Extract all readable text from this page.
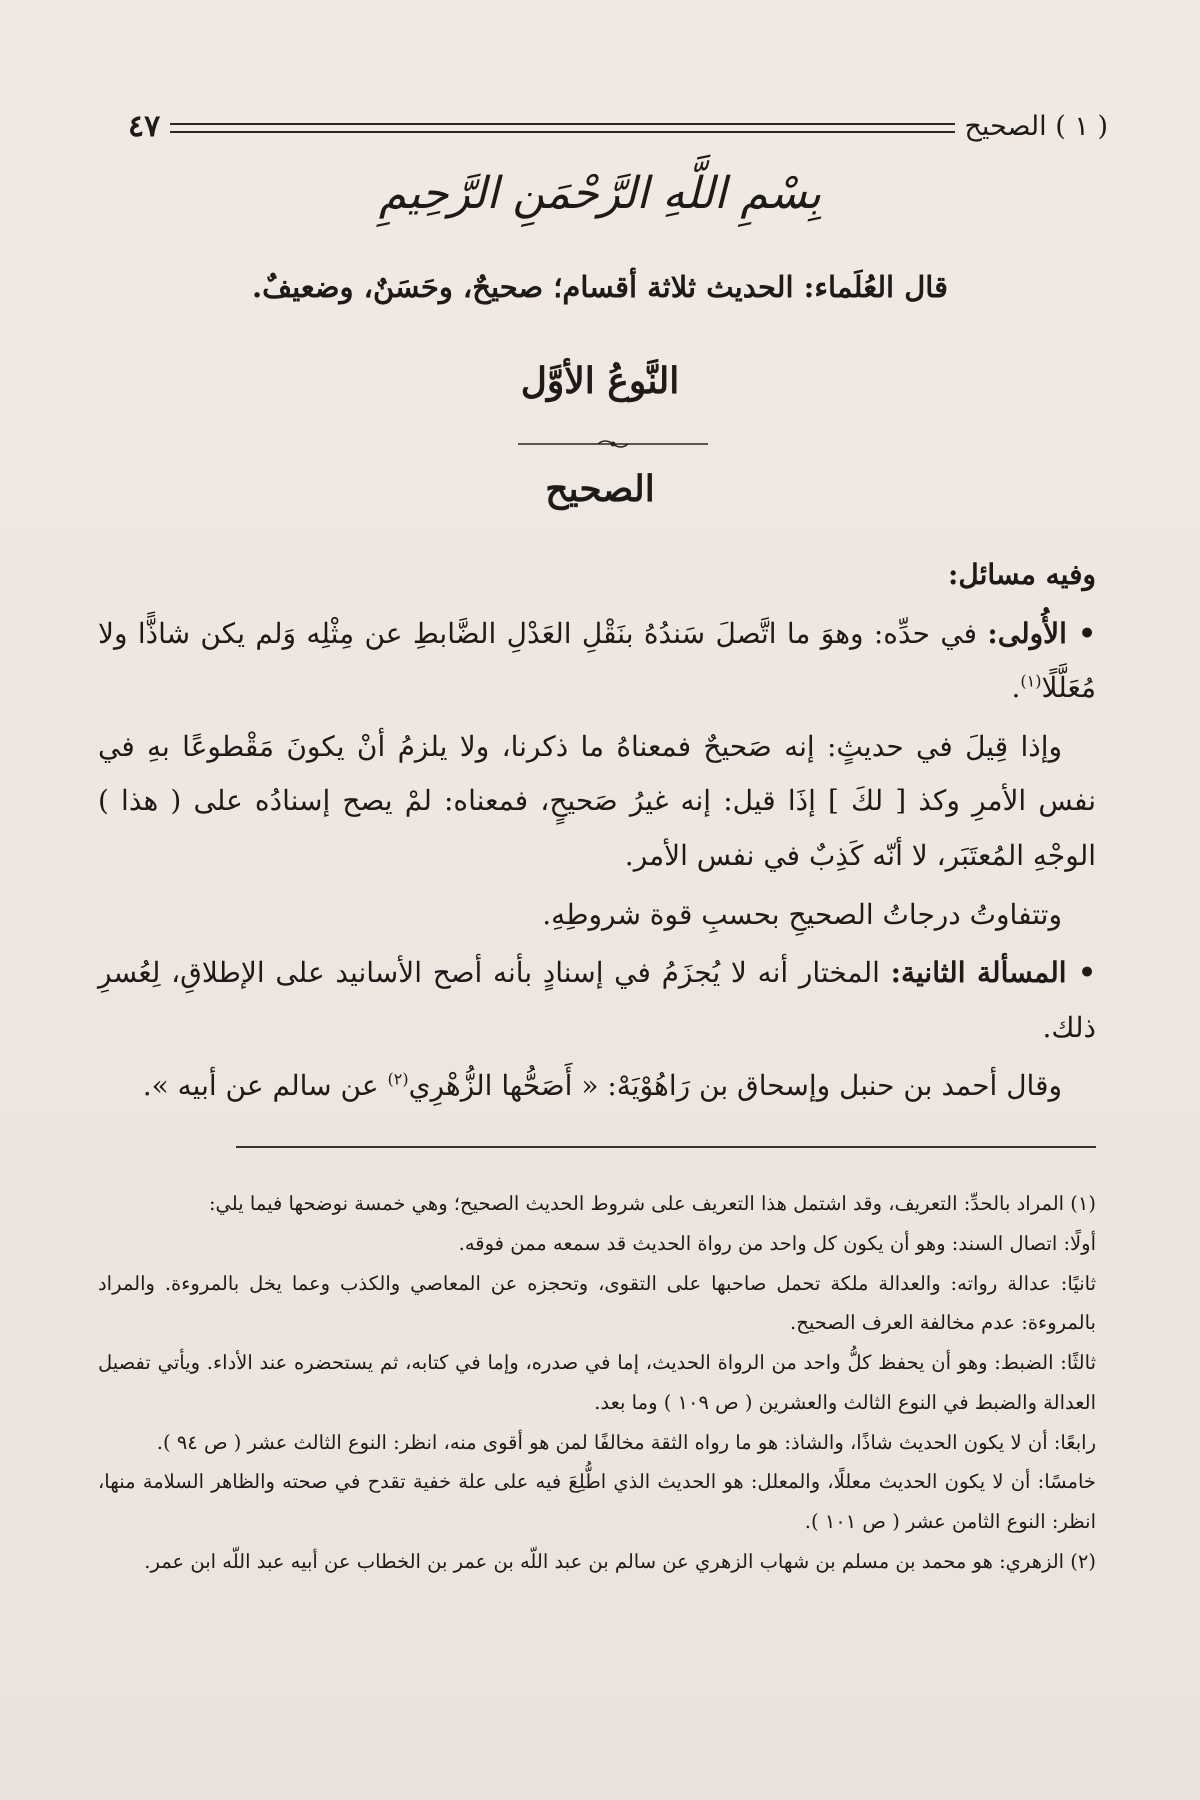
( ١ ) الصحيح
٤٧
بِسْمِ اللَّهِ الرَّحْمَنِ الرَّحِيمِ
قال العُلَماء: الحديث ثلاثة أقسام؛ صحيحٌ، وحَسَنٌ، وضعيفٌ.
النَّوعُ الأوَّل
الصحيح

وفيه مسائل:

• الأُولى: في حدِّه: وهوَ ما اتَّصلَ سَندُهُ بنَقْلِ العَدْلِ الضَّابطِ عن مِثْلِه وَلم يكن شاذًّا ولا مُعَلَّلًا$^{(١)}$.

وإذا قِيلَ في حديثٍ: إنه صَحيحٌ فمعناهُ ما ذكرنا، ولا يلزمُ أنْ يكونَ مَقْطوعًا بهِ في نفس الأمرِ وكذ [ لكَ ] إذَا قيل: إنه غيرُ صَحيحٍ، فمعناه: لمْ يصح إسنادُه على ( هذا ) الوجْهِ المُعتَبَر، لا أنّه كَذِبٌ في نفس الأمر.

وتتفاوتُ درجاتُ الصحيحِ بحسبِ قوة شروطِهِ.

• المسألة الثانية: المختار أنه لا يُجزَمُ في إسنادٍ بأنه أصح الأسانيد على الإطلاقِ، لِعُسرِ ذلك.

وقال أحمد بن حنبل وإسحاق بن رَاهُوْيَهْ: « أَصَحُّها الزُّهْرِي$^{(٢)}$ عن سالم عن أبيه ».

(١) المراد بالحدِّ: التعريف، وقد اشتمل هذا التعريف على شروط الحديث الصحيح؛ وهي خمسة نوضحها فيما يلي:

أولًا: اتصال السند: وهو أن يكون كل واحد من رواة الحديث قد سمعه ممن فوقه.

ثانيًا: عدالة رواته: والعدالة ملكة تحمل صاحبها على التقوى، وتحجزه عن المعاصي والكذب وعما يخل بالمروءة. والمراد بالمروءة: عدم مخالفة العرف الصحيح.

ثالثًا: الضبط: وهو أن يحفظ كلُّ واحد من الرواة الحديث، إما في صدره، وإما في كتابه، ثم يستحضره عند الأداء. ويأتي تفصيل العدالة والضبط في النوع الثالث والعشرين ( ص ١٠٩ ) وما بعد.

رابعًا: أن لا يكون الحديث شاذًا، والشاذ: هو ما رواه الثقة مخالفًا لمن هو أقوى منه، انظر: النوع الثالث عشر ( ص ٩٤ ).

خامسًا: أن لا يكون الحديث معللًا، والمعلل: هو الحديث الذي اطُّلِعَ فيه على علة خفية تقدح في صحته والظاهر السلامة منها، انظر: النوع الثامن عشر ( ص ١٠١ ).

(٢) الزهري: هو محمد بن مسلم بن شهاب الزهري عن سالم بن عبد اللّه بن عمر بن الخطاب عن أبيه عبد اللّه ابن عمر.
